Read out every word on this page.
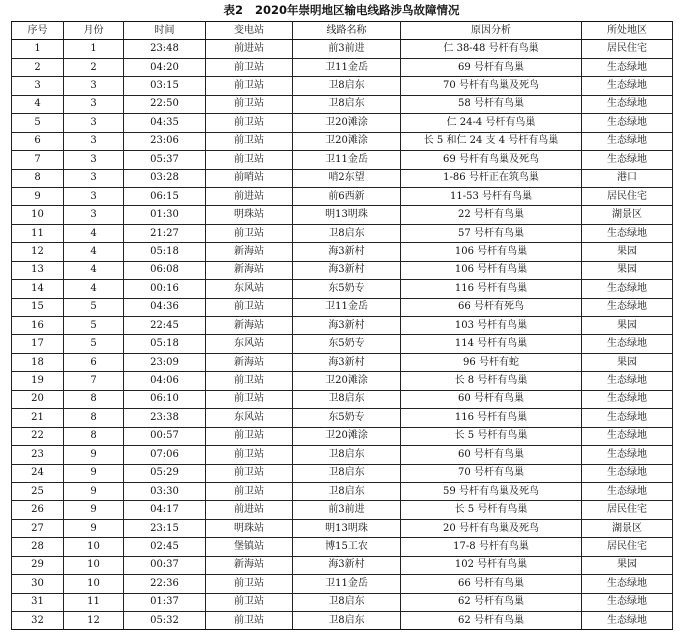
表2 2020年崇明地区输电线路涉鸟故障情况
序号	月份	时间	变电站	线路名称	原因分析	所处地区
1	1	23:48	前进站	前3前进	仁 38-48 号杆有鸟巢	居民住宅
2	2	04:20	前卫站	卫11金岳	69 号杆有鸟巢	生态绿地
3	3	03:15	前卫站	卫8启东	70 号杆有鸟巢及死鸟	生态绿地
4	3	22:50	前卫站	卫8启东	58 号杆有鸟巢	生态绿地
5	3	04:35	前卫站	卫20滩涂	仁 24-4 号杆有鸟巢	生态绿地
6	3	23:06	前卫站	卫20滩涂	长 5 和仁 24 支 4 号杆有鸟巢	生态绿地
7	3	05:37	前卫站	卫11金岳	69 号杆有鸟巢及死鸟	生态绿地
8	3	03:28	前哨站	哨2东望	1-86 号杆正在筑鸟巢	港口
9	3	06:15	前进站	前6西新	11-53 号杆有鸟巢	居民住宅
10	3	01:30	明珠站	明13明珠	22 号杆有鸟巢	湖景区
11	4	21:27	前卫站	卫8启东	57 号杆有鸟巢	生态绿地
12	4	05:18	新海站	海3新村	106 号杆有鸟巢	果园
13	4	06:08	新海站	海3新村	106 号杆有鸟巢	果园
14	4	00:16	东风站	东5奶专	116 号杆有鸟巢	生态绿地
15	5	04:36	前卫站	卫11金岳	66 号杆有死鸟	生态绿地
16	5	22:45	新海站	海3新村	103 号杆有鸟巢	果园
17	5	05:18	东风站	东5奶专	114 号杆有鸟巢	生态绿地
18	6	23:09	新海站	海3新村	96 号杆有蛇	果园
19	7	04:06	前卫站	卫20滩涂	长 8 号杆有鸟巢	生态绿地
20	8	06:10	前卫站	卫8启东	60 号杆有鸟巢	生态绿地
21	8	23:38	东风站	东5奶专	116 号杆有鸟巢	生态绿地
22	8	00:57	前卫站	卫20滩涂	长 5 号杆有鸟巢	生态绿地
23	9	07:06	前卫站	卫8启东	60 号杆有鸟巢	生态绿地
24	9	05:29	前卫站	卫8启东	70 号杆有鸟巢	生态绿地
25	9	03:30	前卫站	卫8启东	59 号杆有鸟巢及死鸟	生态绿地
26	9	04:17	前进站	前3前进	长 5 号杆有鸟巢	居民住宅
27	9	23:15	明珠站	明13明珠	20 号杆有鸟巢及死鸟	湖景区
28	10	02:45	堡镇站	博15工农	17-8 号杆有鸟巢	居民住宅
29	10	00:37	新海站	海3新村	102 号杆有鸟巢	果园
30	10	22:36	前卫站	卫11金岳	66 号杆有鸟巢	生态绿地
31	11	01:37	前卫站	卫8启东	62 号杆有鸟巢	生态绿地
32	12	05:32	前卫站	卫8启东	62 号杆有鸟巢	生态绿地
